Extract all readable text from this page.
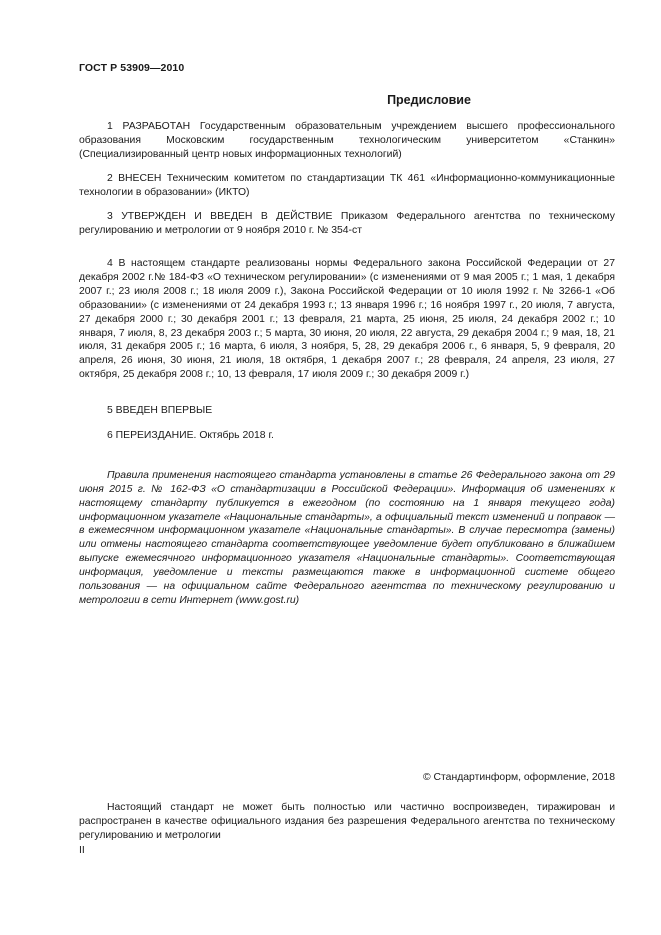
ГОСТ Р 53909—2010
Предисловие

1 РАЗРАБОТАН Государственным образовательным учреждением высшего профессионального образования Московским государственным технологическим университетом «Станкин» (Специализированный центр новых информационных технологий)

2 ВНЕСЕН Техническим комитетом по стандартизации ТК 461 «Информационно-коммуникационные технологии в образовании» (ИКТО)

3 УТВЕРЖДЕН И ВВЕДЕН В ДЕЙСТВИЕ Приказом Федерального агентства по техническому регулированию и метрологии от 9 ноября 2010 г. № 354-ст

4 В настоящем стандарте реализованы нормы Федерального закона Российской Федерации от 27 декабря 2002 г.№ 184-ФЗ «О техническом регулировании» (с изменениями от 9 мая 2005 г.; 1 мая, 1 декабря 2007 г.; 23 июля 2008 г.; 18 июля 2009 г.), Закона Российской Федерации от 10 июля 1992 г. № 3266-1 «Об образовании» (с изменениями от 24 декабря 1993 г.; 13 января 1996 г.; 16 ноября 1997 г., 20 июля, 7 августа, 27 декабря 2000 г.; 30 декабря 2001 г.; 13 февраля, 21 марта, 25 июня, 25 июля, 24 декабря 2002 г.; 10 января, 7 июля, 8, 23 декабря 2003 г.; 5 марта, 30 июня, 20 июля, 22 августа, 29 декабря 2004 г.; 9 мая, 18, 21 июля, 31 декабря 2005 г.; 16 марта, 6 июля, 3 ноября, 5, 28, 29 декабря 2006 г., 6 января, 5, 9 февраля, 20 апреля, 26 июня, 30 июня, 21 июля, 18 октября, 1 декабря 2007 г.; 28 февраля, 24 апреля, 23 июля, 27 октября, 25 декабря 2008 г.; 10, 13 февраля, 17 июля 2009 г.; 30 декабря 2009 г.)

5 ВВЕДЕН ВПЕРВЫЕ

6 ПЕРЕИЗДАНИЕ. Октябрь 2018 г.

Правила применения настоящего стандарта установлены в статье 26 Федерального закона от 29 июня 2015 г. № 162-ФЗ «О стандартизации в Российской Федерации». Информация об изменениях к настоящему стандарту публикуется в ежегодном (по состоянию на 1 января текущего года) информационном указателе «Национальные стандарты», а официальный текст изменений и поправок — в ежемесячном информационном указателе «Национальные стандарты». В случае пересмотра (замены) или отмены настоящего стандарта соответствующее уведомление будет опубликовано в ближайшем выпуске ежемесячного информационного указателя «Национальные стандарты». Соответствующая информация, уведомление и тексты размещаются также в информационной системе общего пользования — на официальном сайте Федерального агентства по техническому регулированию и метрологии в сети Интернет (www.gost.ru)

© Стандартинформ, оформление, 2018

Настоящий стандарт не может быть полностью или частично воспроизведен, тиражирован и распространен в качестве официального издания без разрешения Федерального агентства по техническому регулированию и метрологии

II
